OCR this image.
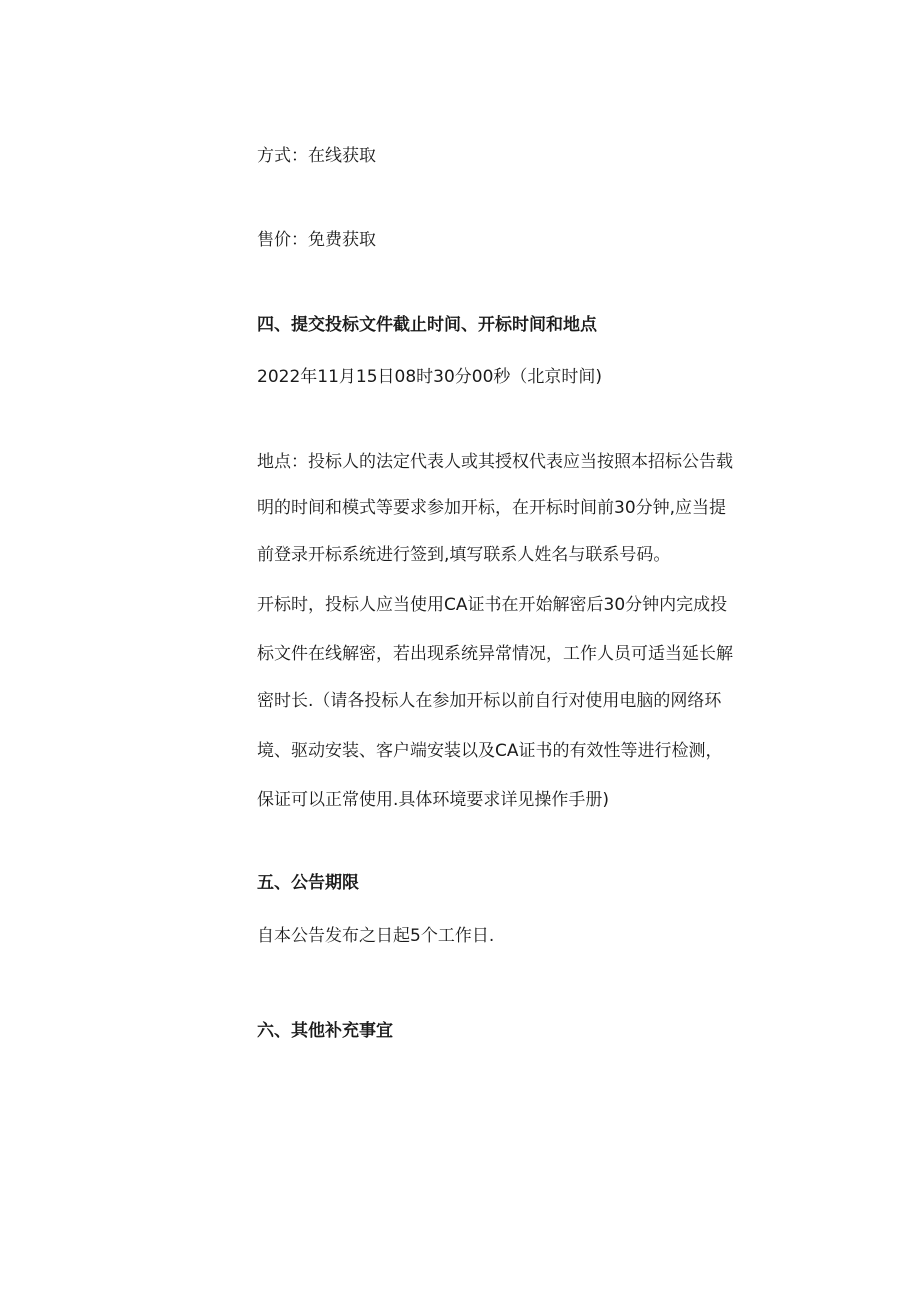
方式：在线获取
售价：免费获取
四、提交投标文件截止时间、开标时间和地点
2022年11月15日08时30分00秒（北京时间)
地点：投标人的法定代表人或其授权代表应当按照本招标公告载
明的时间和模式等要求参加开标，在开标时间前30分钟,应当提
前登录开标系统进行签到,填写联系人姓名与联系号码。
开标时，投标人应当使用CA证书在开始解密后30分钟内完成投
标文件在线解密，若出现系统异常情况，工作人员可适当延长解
密时长.（请各投标人在参加开标以前自行对使用电脑的网络环
境、驱动安装、客户端安装以及CA证书的有效性等进行检测，
保证可以正常使用.具体环境要求详见操作手册)
五、公告期限
自本公告发布之日起5个工作日.
六、其他补充事宜
